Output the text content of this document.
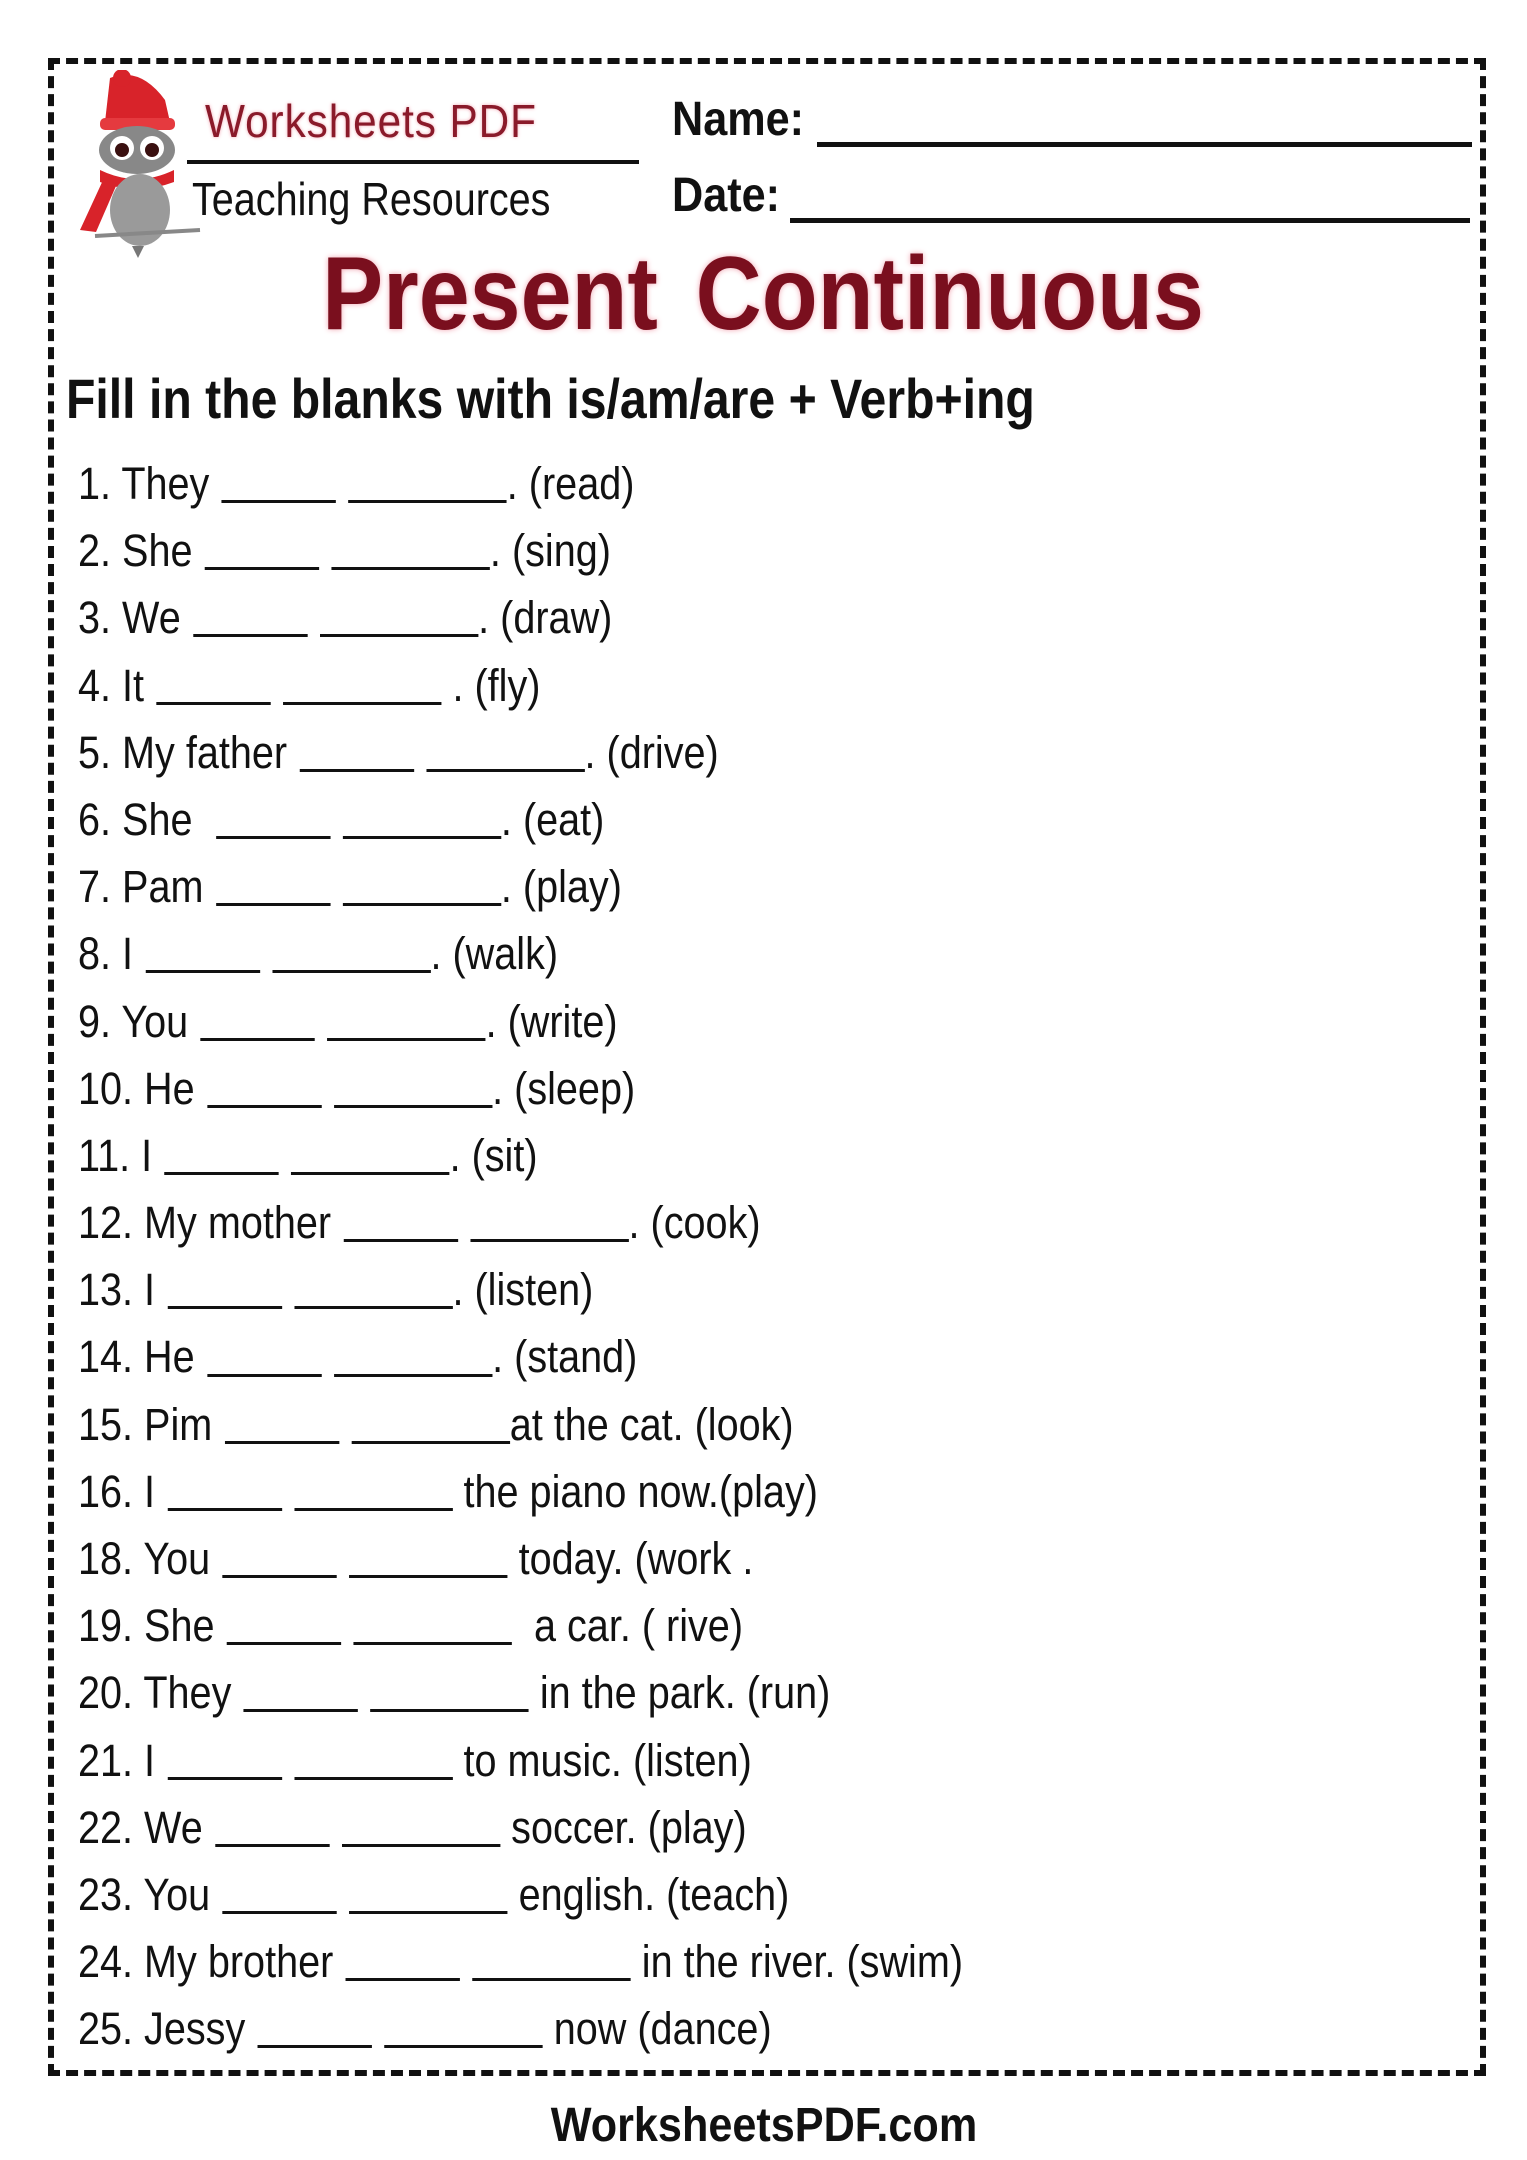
Worksheets PDF
Teaching Resources
Name:
Date:
Present Continuous
Fill in the blanks with is/am/are + Verb+ing
1. They	. (read)
2. She	. (sing)
3. We	. (draw)
4. It	. (fly)
5. My father	. (drive)
6. She	. (eat)
7. Pam	. (play)
8. I	. (walk)
9. You	. (write)
10. He	. (sleep)
11. I	. (sit)
12. My mother	. (cook)
13. I	. (listen)
14. He	. (stand)
15. Pim	at the cat. (look)
16. I	the piano now.(play)
18. You	today. (work .
19. She	a car. ( rive)
20. They	in the park. (run)
21. I	to music. (listen)
22. We	soccer. (play)
23. You	english. (teach)
24. My brother	in the river. (swim)
25. Jessy	now (dance)
WorksheetsPDF.com
